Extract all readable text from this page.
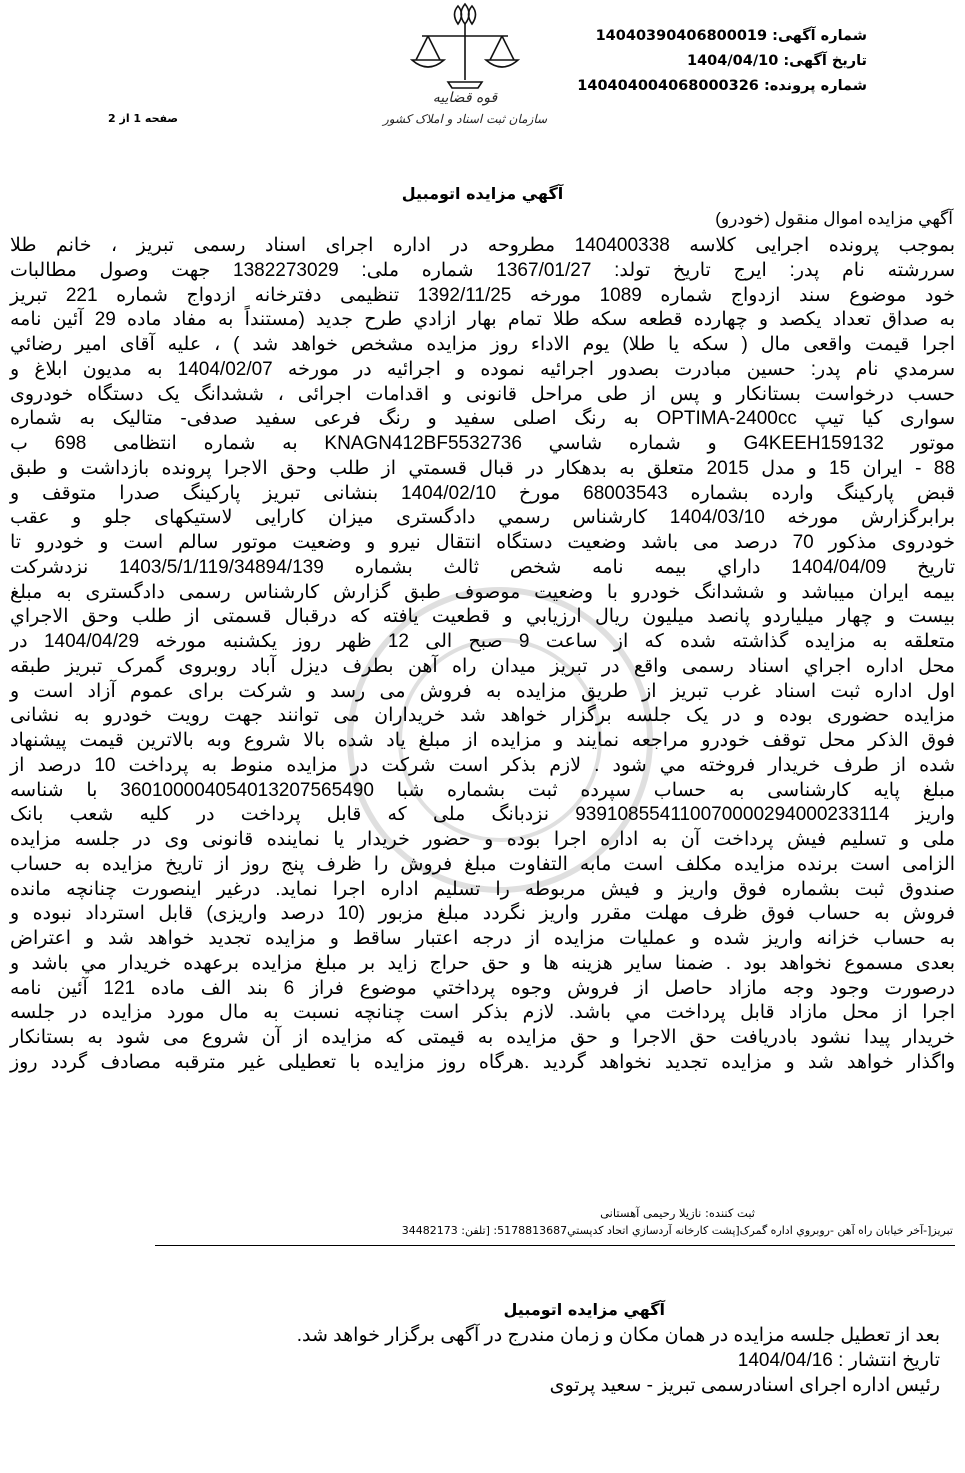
شماره آگهی: 14040390406800019
تاریخ آگهی: 1404/04/10
شماره پرونده: 140404004068000326
قوه قضاییه
سازمان ثبت اسناد و املاک کشور
صفحه 1 از 2
آگهي مزايده اتومبيل
آگهي مزايده اموال منقول (خودرو)
بموجب پرونده اجرایی کلاسه 140400338 مطروحه در اداره اجرای اسناد رسمی تبریز ، خانم طلا
سررشته نام پدر: ایرج تاریخ تولد: 1367/01/27 شماره ملی: 1382273029 جهت وصول مطالبات
خود موضوع سند ازدواج شماره 1089 مورخه 1392/11/25 تنظیمی دفترخانه ازدواج شماره 221 تبریز
به صداق تعداد یکصد و چهارده قطعه سکه طلا تمام بهار ازادي طرح جدید (مستنداً به مفاد ماده 29 آئین نامه
اجرا قیمت واقعی مال ( سکه یا طلا) یوم الاداء روز مزایده مشخص خواهد شد ) ، علیه آقای امیر رضائي
سرمدي نام پدر: حسین مبادرت بصدور اجرائیه نموده و اجرائیه در مورخه 1404/02/07 به مدیون ابلاغ و
حسب درخواست بستانکار و پس از طی مراحل قانونی و اقدامات اجرائی ، ششدانگ یک دستگاه خودروی
سواری کیا تیپ OPTIMA-2400cc به رنگ اصلی سفید و رنگ فرعی سفید صدفی- متالیک به شماره
موتور G4KEEH159132 و شماره شاسي KNAGN412BF5532736 به شماره انتظامی 698 ب
88 - ایران 15 و مدل 2015 متعلق به بدهکار در قبال قسمتي از طلب وحق الاجرا پرونده بازداشت و طبق
قبض پارکینگ وارده بشماره 68003543 مورخ 1404/02/10 بنشانی تبریز پارکینگ صدرا متوقف و
برابرگزارش مورخه 1404/03/10 کارشناس رسمي دادگستری میزان کارایی لاستیکهای جلو و عقب
خودروی مذکور 70 درصد می باشد وضعیت دستگاه انتقال نیرو و وضعیت موتور سالم است و خودرو تا
تاریخ 1404/04/09 داراي بیمه نامه شخص ثالث بشماره 1403/5/1/119/34894/139 نزدشرکت
بیمه ایران میباشد و ششدانگ خودرو با وضعیت موصوف طبق گزارش کارشناس رسمی دادگستری به مبلغ
بیست و چهار میلیاردو پانصد میلیون ریال ارزیابي و قطعیت یافته که درقبال قسمتی از طلب وحق الاجراي
متعلقه به مزایده گذاشته شده که از ساعت 9 صبح الی 12 ظهر روز یکشنبه مورخه 1404/04/29 در
محل اداره اجراي اسناد رسمی واقع در تبریز میدان راه آهن بطرف دیزل آباد روبروی گمرک تبریز طبقه
اول اداره ثبت اسناد غرب تبریز از طریق مزایده به فروش می رسد و شرکت برای عموم آزاد است و
مزایده حضوری بوده و در یک جلسه برگزار خواهد شد خریداران می توانند جهت رویت خودرو به نشانی
فوق الذکر محل توقف خودرو مراجعه نمایند و مزایده از مبلغ یاد شده بالا شروع وبه بالاترین قیمت پیشنهاد
شده از طرف خریدار فروخته مي شود . لازم بذکر است شرکت در مزایده منوط به پرداخت 10 درصد از
مبلغ پایه کارشناسی به حساب سپرده ثبت بشماره شبا 360100004054013207565490 با شناسه
واریز 939108554110070000294000233114 نزدبانگ ملی که قابل پرداخت در کلیه شعب بانک
ملی و تسلیم فیش پرداخت آن به اداره اجرا بوده و حضور خریدار یا نماینده قانونی وی در جلسه مزایده
الزامی است برنده مزایده مکلف است مابه التفاوت مبلغ فروش را ظرف پنج روز از تاریخ مزایده به حساب
صندوق ثبت بشماره فوق واریز و فیش مربوطه را تسلیم اداره اجرا نماید. درغیر اینصورت چنانچه مانده
فروش به حساب فوق ظرف مهلت مقرر واریز نگردد مبلغ مزبور (10 درصد واریزی) قابل استرداد نبوده و
به حساب خزانه واریز شده و عملیات مزایده از درجه اعتبار ساقط و مزایده تجدید خواهد شد و اعتراض
بعدی مسموع نخواهد بود . ضمنا سایر هزینه ها و حق حراج زاید بر مبلغ مزایده برعهده خریدار مي باشد و
درصورت وجود وجه مازاد حاصل از فروش وجوه پرداختي موضوع فراز 6 بند الف ماده 121 آئین نامه
اجرا از محل مازاد قابل پرداخت مي باشد. لازم بذکر است چنانچه نسبت به مال مورد مزایده در جلسه
خریدار پیدا نشود بادریافت حق الاجرا و حق مزایده به قیمتی که مزایده از آن شروع می شود به بستانکار
واگذار خواهد شد و مزایده تجدید نخواهد گردید .هرگاه روز مزایده با تعطیلی غیر مترقبه مصادف گردد روز
ثبت کننده: نازیلا رحیمی آهستانی
تبریز[-آخر خیابان راه آهن -روبروي اداره گمرک[پشت کارخانه آردسازي اتحاد کدپستي5178813687: [تلفن: 34482173
آگهي مزايده اتومبيل
بعد از تعطیل جلسه مزایده در همان مکان و زمان مندرج در آگهی برگزار خواهد شد.
تاریخ انتشار : 1404/04/16
رئیس اداره اجرای اسنادرسمی تبریز - سعید پرتوی
